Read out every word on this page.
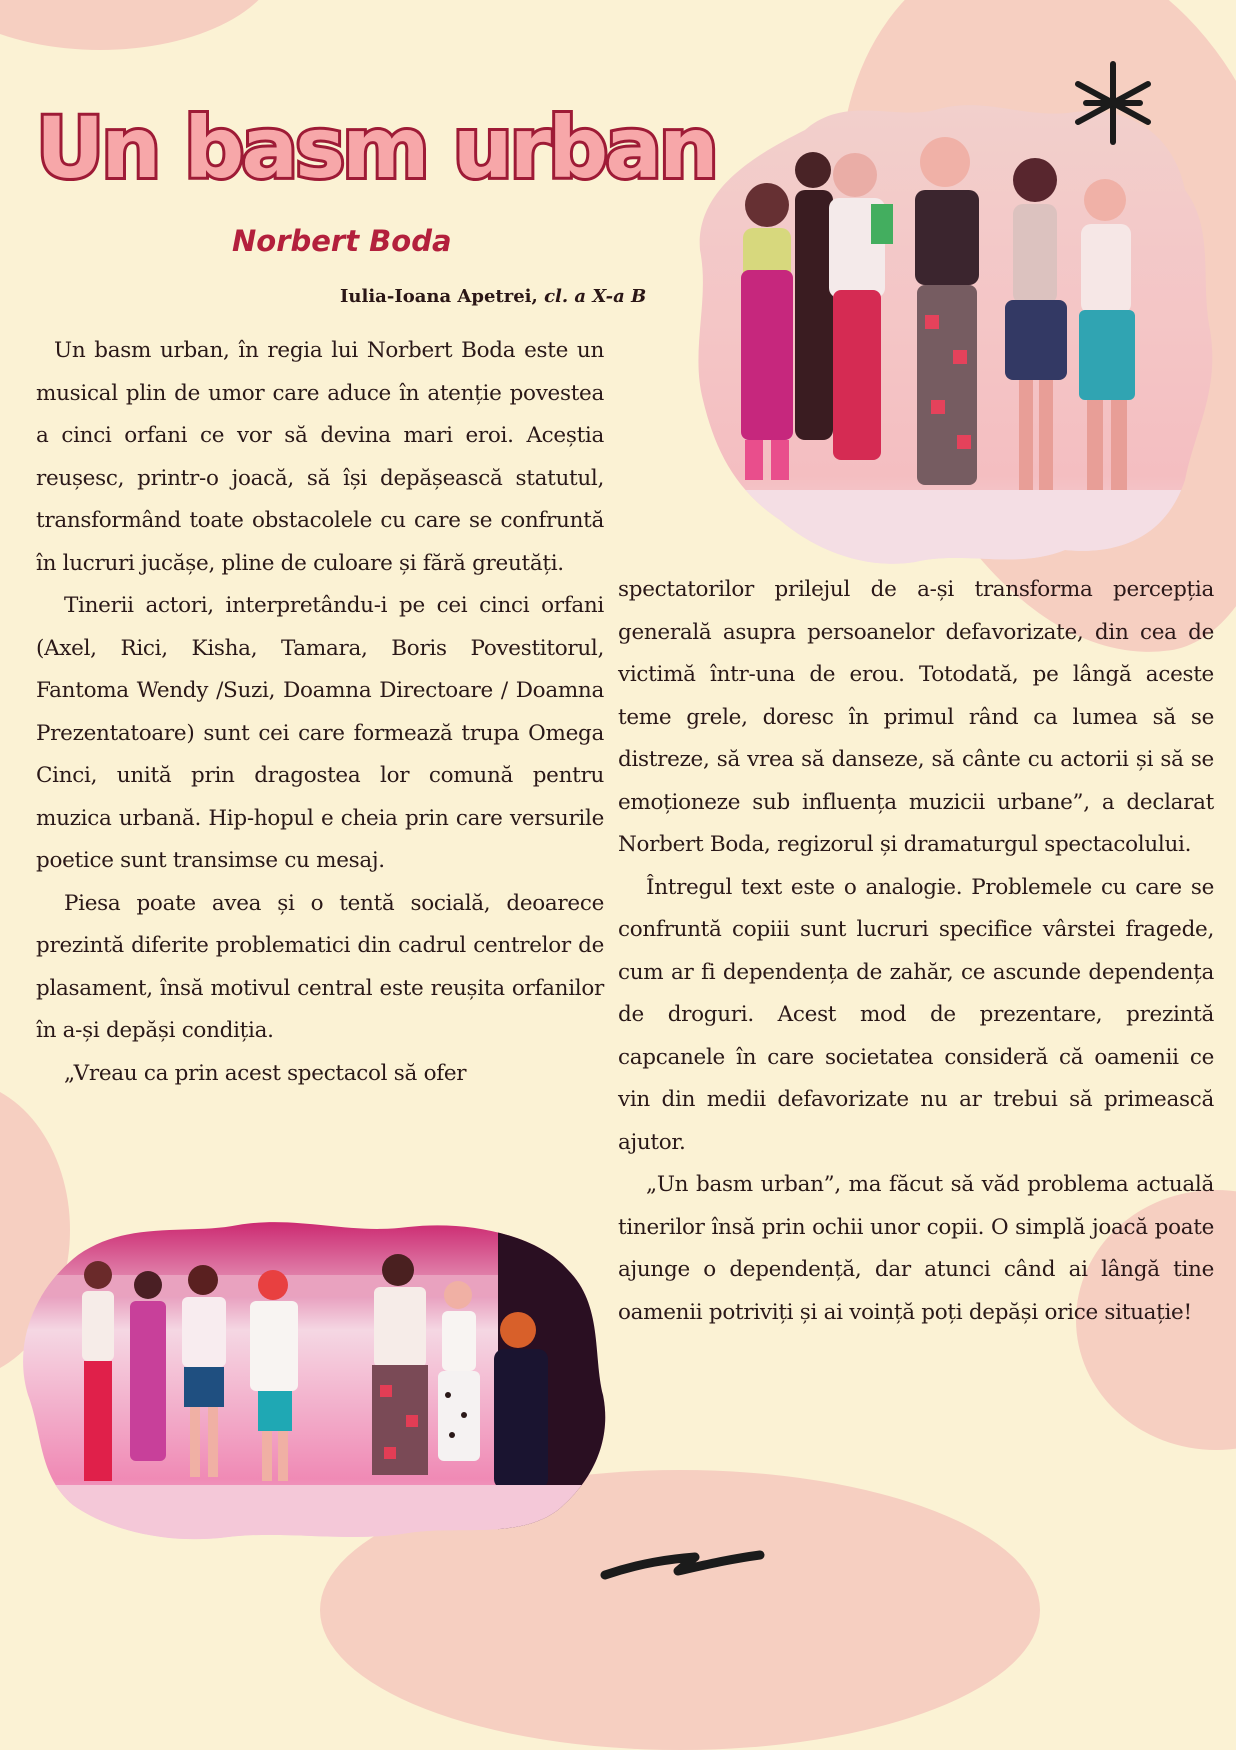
Un basm urban
Norbert Boda
Iulia-Ioana Apetrei, cl. a X-a B

Un basm urban, în regia lui Norbert Boda este un musical plin de umor care aduce în atenție povestea a cinci orfani ce vor să devina mari eroi. Aceștia reușesc, printr-o joacă, să își depășească statutul, transformând toate obstacolele cu care se confruntă în lucruri jucășe, pline de culoare și fără greutăți.

Tinerii actori, interpretându-i pe cei cinci orfani (Axel, Rici, Kisha, Tamara, Boris Povestitorul, Fantoma Wendy /Suzi, Doamna Directoare / Doamna Prezentatoare) sunt cei care formează trupa Omega Cinci, unită prin dragostea lor comună pentru muzica urbană. Hip-hopul e cheia prin care versurile poetice sunt transimse cu mesaj.

Piesa poate avea și o tentă socială, deoarece prezintă diferite problematici din cadrul centrelor de plasament, însă motivul central este reușita orfanilor în a-și depăși condiția.

„Vreau ca prin acest spectacol să ofer

spectatorilor prilejul de a-și transforma percepția generală asupra persoanelor defavorizate, din cea de victimă într-una de erou. Totodată, pe lângă aceste teme grele, doresc în primul rând ca lumea să se distreze, să vrea să danseze, să cânte cu actorii și să se emoționeze sub influența muzicii urbane”, a declarat Norbert Boda, regizorul și dramaturgul spectacolului.

Întregul text este o analogie. Problemele cu care se confruntă copiii sunt lucruri specifice vârstei fragede, cum ar fi dependența de zahăr, ce ascunde dependența de droguri. Acest mod de prezentare, prezintă capcanele în care societatea consideră că oamenii ce vin din medii defavorizate nu ar trebui să primească ajutor.

„Un basm urban”, ma făcut să văd problema actuală tinerilor însă prin ochii unor copii. O simplă joacă poate ajunge o dependență, dar atunci când ai lângă tine oamenii potriviți și ai voință poți depăși orice situație!
